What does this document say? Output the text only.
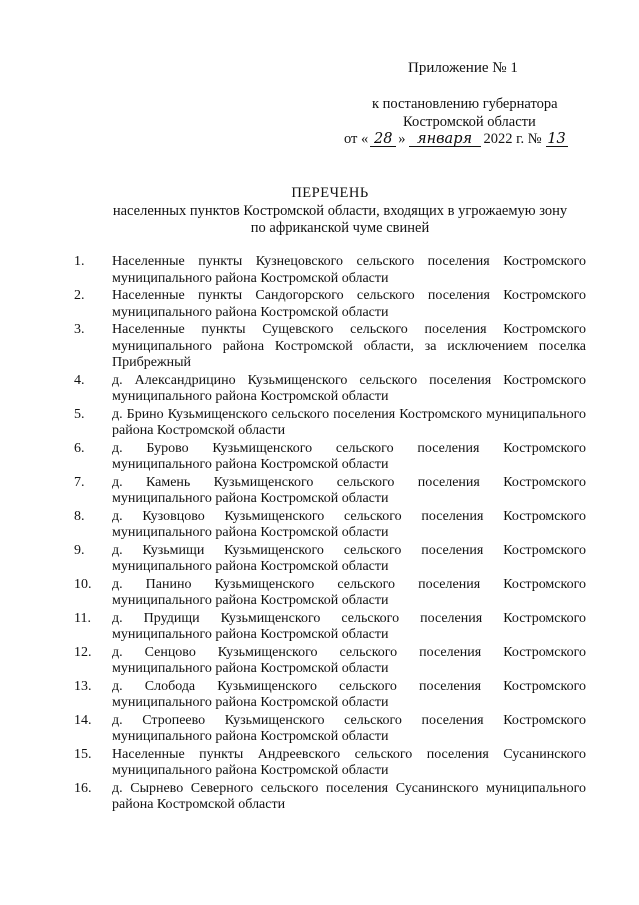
Приложение № 1
к постановлению губернатора
Костромской области
от « 28 » января 2022 г. № 13
ПЕРЕЧЕНЬ
населенных пунктов Костромской области, входящих в угрожаемую зону
по африканской чуме свиней
1.	Населенные пункты Кузнецовского сельского поселения Костромского муниципального района Костромской области
2.	Населенные пункты Сандогорского сельского поселения Костромского муниципального района Костромской области
3.	Населенные пункты Сущевского сельского поселения Костромского муниципального района Костромской области, за исключением поселка Прибрежный
4.	д. Александрицино Кузьмищенского сельского поселения Костромского муниципального района Костромской области
5.	д. Брино Кузьмищенского сельского поселения Костромского муниципального района Костромской области
6.	д. Бурово Кузьмищенского сельского поселения Костромского муниципального района Костромской области
7.	д. Камень Кузьмищенского сельского поселения Костромского муниципального района Костромской области
8.	д. Кузовцово Кузьмищенского сельского поселения Костромского муниципального района Костромской области
9.	д. Кузьмищи Кузьмищенского сельского поселения Костромского муниципального района Костромской области
10.	д. Панино Кузьмищенского сельского поселения Костромского муниципального района Костромской области
11.	д. Прудищи Кузьмищенского сельского поселения Костромского муниципального района Костромской области
12.	д. Сенцово Кузьмищенского сельского поселения Костромского муниципального района Костромской области
13.	д. Слобода Кузьмищенского сельского поселения Костромского муниципального района Костромской области
14.	д. Стропеево Кузьмищенского сельского поселения Костромского муниципального района Костромской области
15.	Населенные пункты Андреевского сельского поселения Сусанинского муниципального района Костромской области
16.	д. Сырнево Северного сельского поселения Сусанинского муниципального района Костромской области
